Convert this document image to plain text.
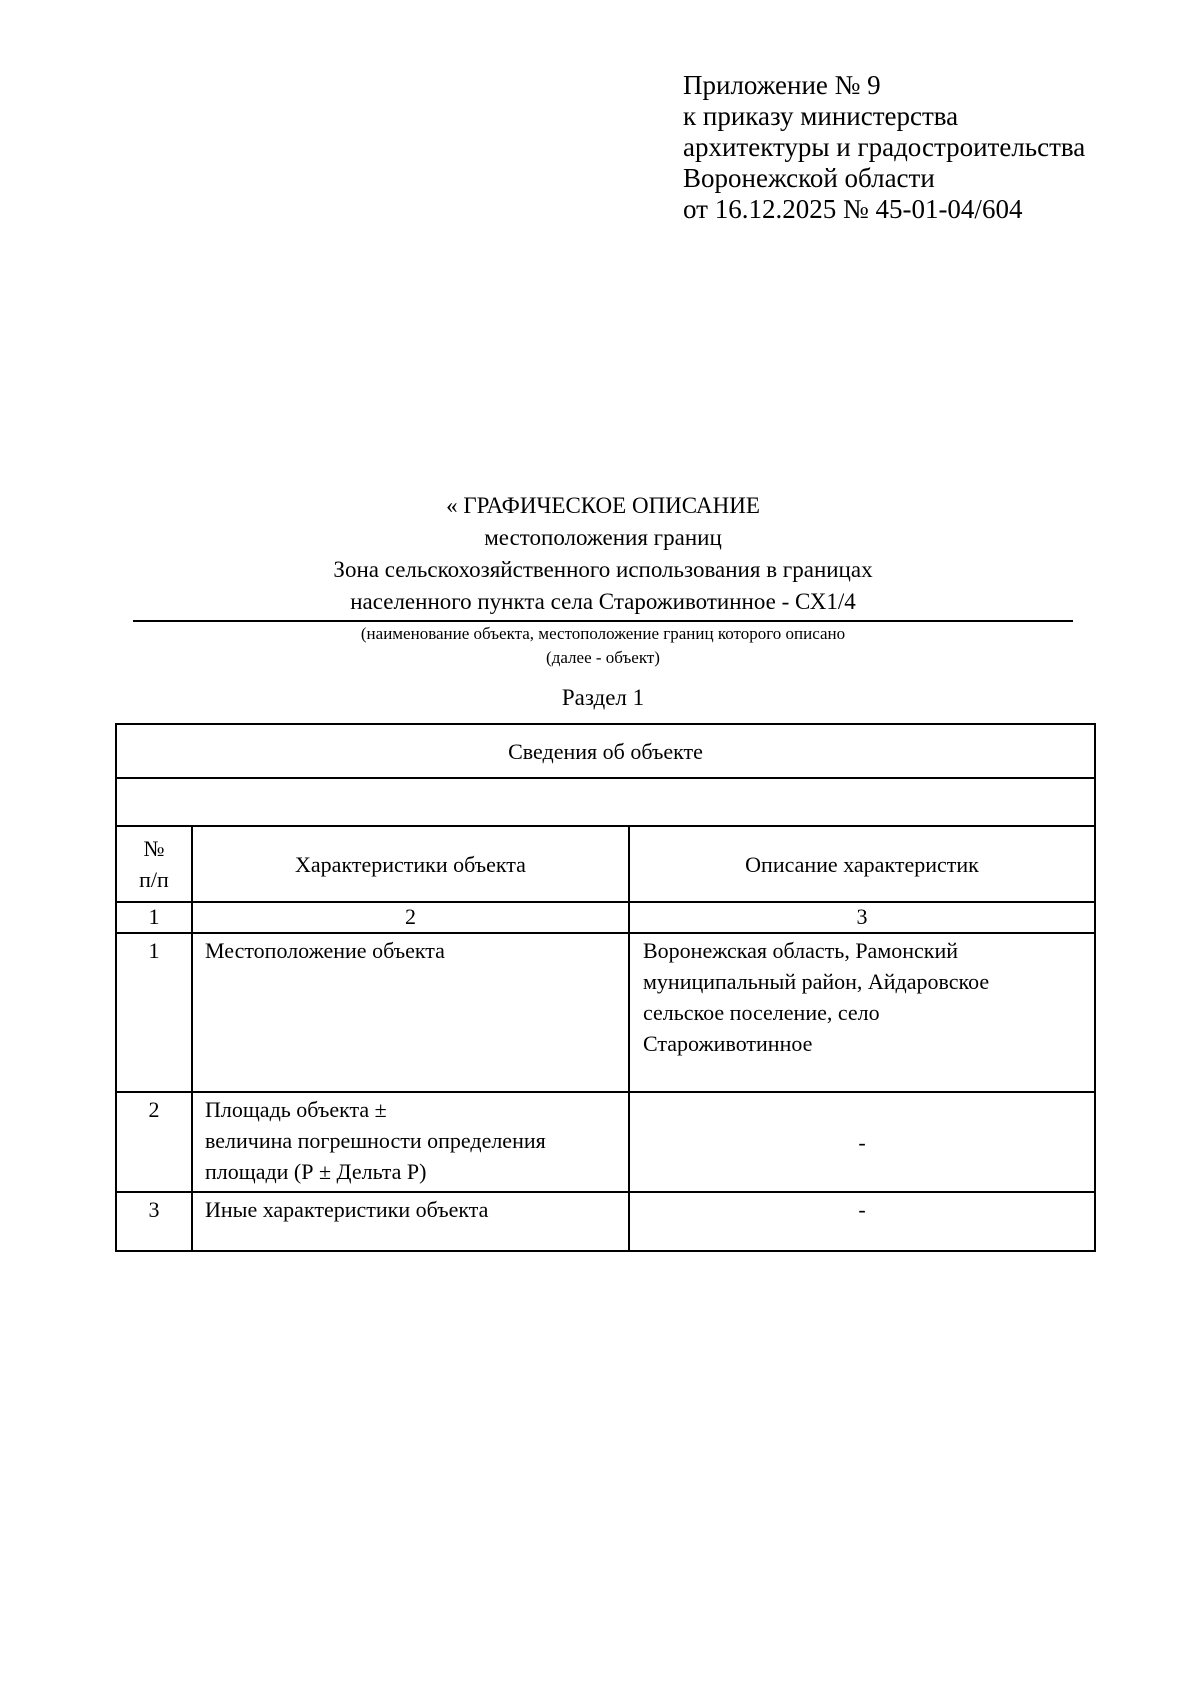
Приложение № 9
к приказу министерства
архитектуры и градостроительства
Воронежской области
от 16.12.2025 № 45-01-04/604
« ГРАФИЧЕСКОЕ ОПИСАНИЕ
местоположения границ
Зона сельскохозяйственного использования в границах
населенного пункта села Староживотинное - СХ1/4
(наименование объекта, местоположение границ которого описано
(далее - объект)
Раздел 1
Сведения об объекте		

№
п/п	Характеристики объекта	Описание характеристик
1	2	3
1	Местоположение объекта	Воронежская область, Рамонский
муниципальный район, Айдаровское
сельское поселение, село
Староживотинное

2	Площадь объекта ±
величина погрешности определения
площади (Р ± Дельта Р)	-
3	Иные характеристики объекта	-
